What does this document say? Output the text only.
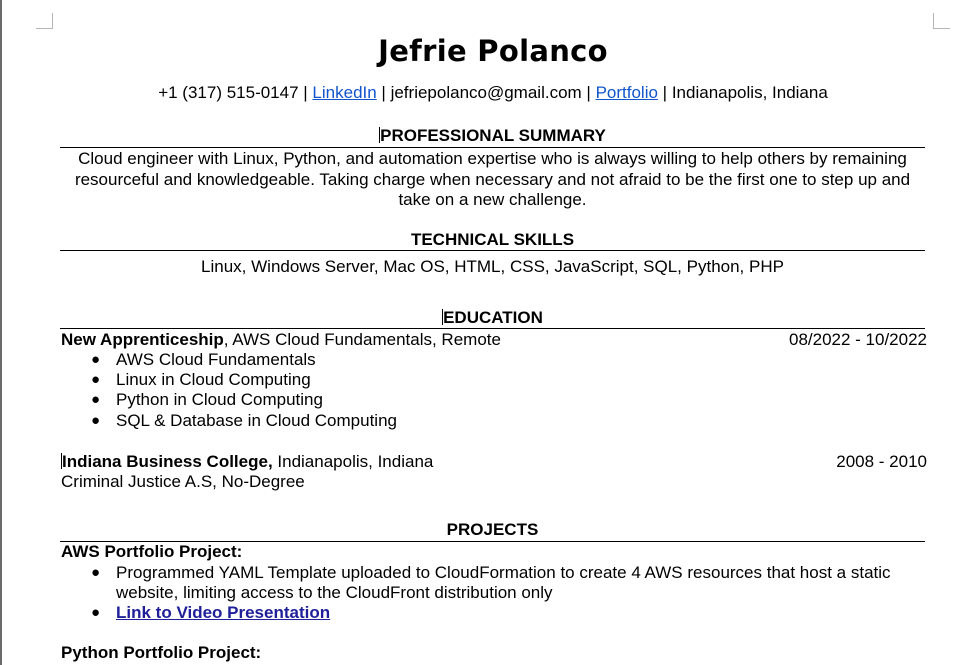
Jefrie Polanco
+1 (317) 515-0147 | LinkedIn | jefriepolanco@gmail.com | Portfolio | Indianapolis, Indiana
PROFESSIONAL SUMMARY
Cloud engineer with Linux, Python, and automation expertise who is always willing to help others by remaining resourceful and knowledgeable. Taking charge when necessary and not afraid to be the first one to step up and take on a new challenge.
TECHNICAL SKILLS
Linux, Windows Server, Mac OS, HTML, CSS, JavaScript, SQL, Python, PHP
EDUCATION
New Apprenticeship, AWS Cloud Fundamentals, Remote	08/2022 - 10/2022
● AWS Cloud Fundamentals
● Linux in Cloud Computing
● Python in Cloud Computing
● SQL & Database in Cloud Computing
Indiana Business College, Indianapolis, Indiana	2008 - 2010
Criminal Justice A.S, No-Degree
PROJECTS
AWS Portfolio Project:
● Programmed YAML Template uploaded to CloudFormation to create 4 AWS resources that host a static website, limiting access to the CloudFront distribution only
● Link to Video Presentation
Python Portfolio Project:
